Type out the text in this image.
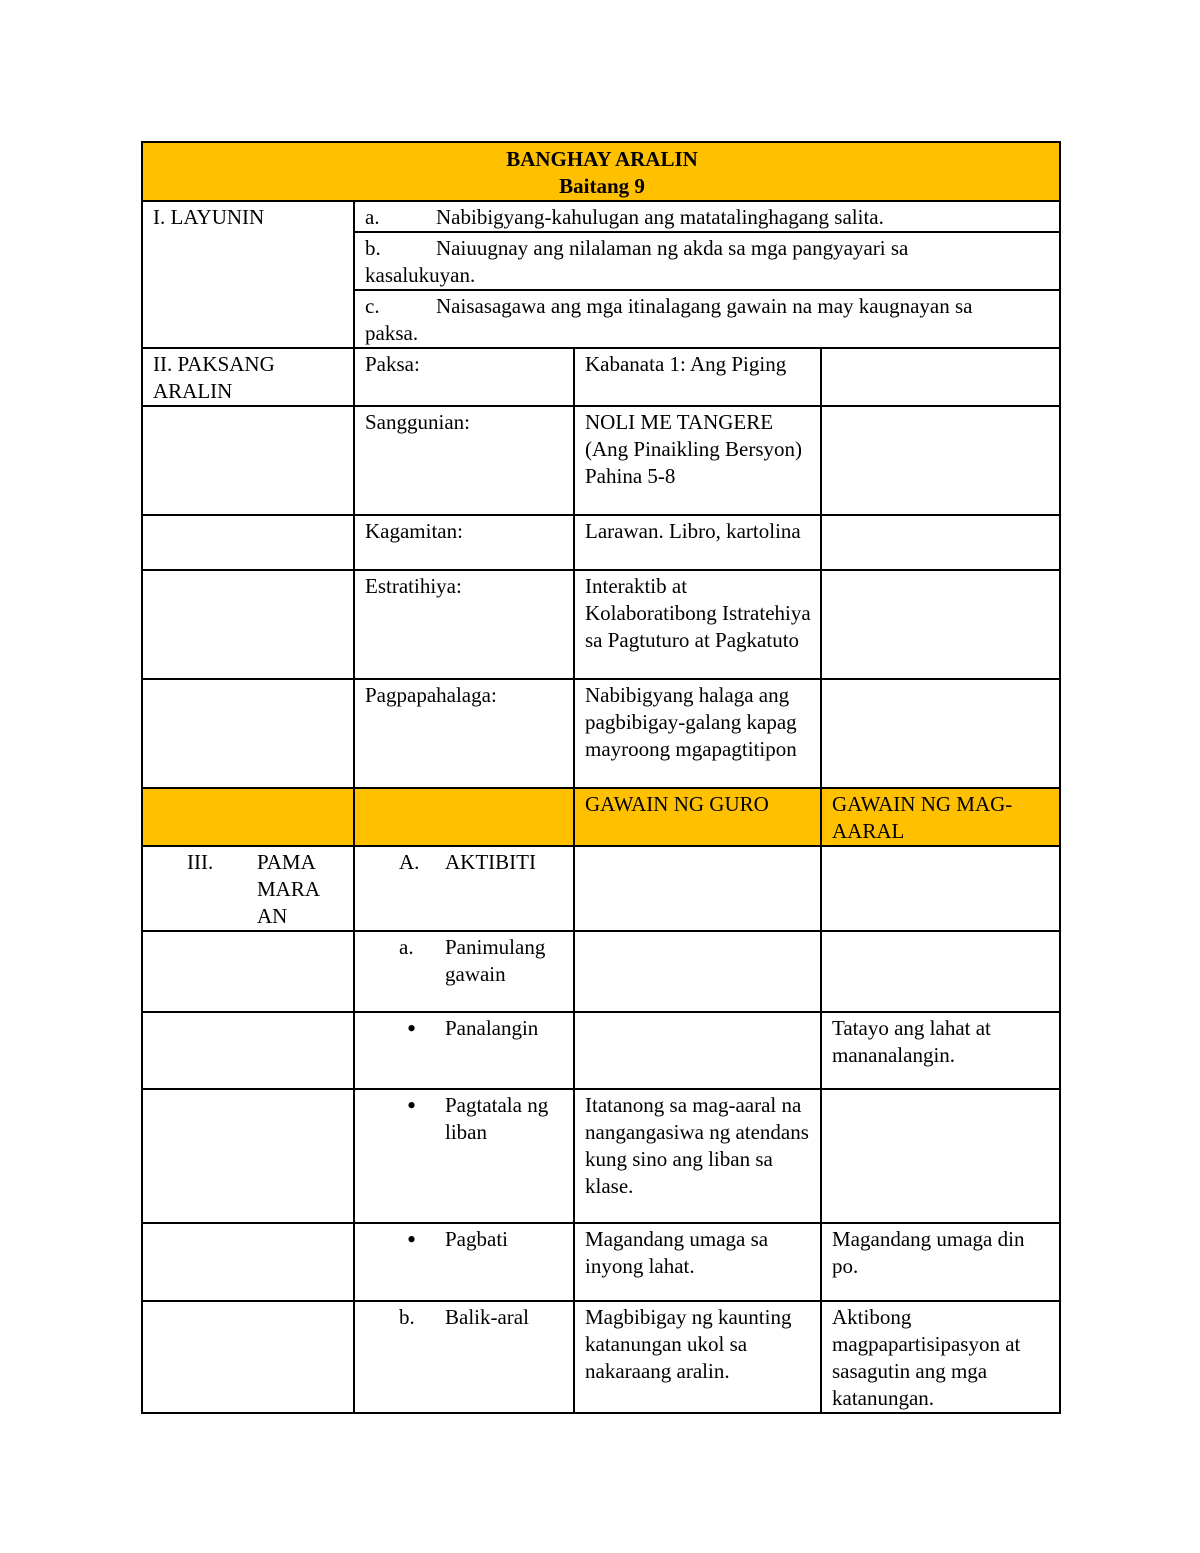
BANGHAY ARALIN
Baitang 9			

I. LAYUNIN	a. Nabibigyang-kahulugan ang matatalinghagang salita.		

	b. Naiuugnay ang nilalaman ng akda sa mga pangyayari sa
kasalukuyan.		

	c. Naisasagawa ang mga itinalagang gawain na may kaugnayan sa
paksa.		

II. PAKSANG ARALIN	Paksa:	Kabanata 1: Ang Piging	
	Sanggunian:	NOLI ME TANGERE (Ang Pinaikling Bersyon)
Pahina 5-8	

	Kagamitan:	Larawan. Libro, kartolina	
	Estratihiya:	Interaktib at Kolaboratibong Istratehiya sa Pagtuturo at Pagkatuto	
	Pagpapahalaga:	Nabibigyang halaga ang pagbibigay-galang kapag mayroong mgapagtitipon	
		GAWAIN NG GURO	GAWAIN NG MAG-AARAL

III. PAMA
MARA
AN	A. AKTIBITI		

	a. Panimulang gawain		

	• Panalangin		Tatayo ang lahat at mananalangin.

	• Pagtatala ng liban	Itatanong sa mag-aaral na nangangasiwa ng atendans kung sino ang liban sa klase.	

	• Pagbati	Magandang umaga sa inyong lahat.	Magandang umaga din po.

	b. Balik-aral	Magbibigay ng kaunting katanungan ukol sa nakaraang aralin.	Aktibong magpapartisipasyon at sasagutin ang mga katanungan.
